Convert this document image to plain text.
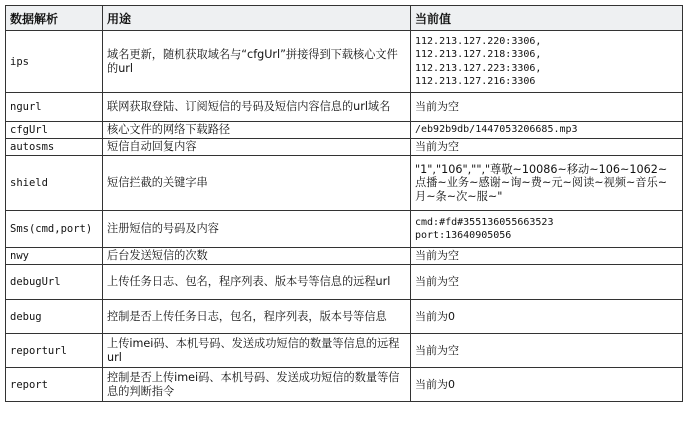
数据解析	用途	当前值
ips	域名更新，随机获取域名与“cfgUrl”拼接得到下载核心文件的url	112.213.127.220:3306,
112.213.127.218:3306,
112.213.127.223:3306,
112.213.127.216:3306

ngurl	联网获取登陆、订阅短信的号码及短信内容信息的url域名	当前为空
cfgUrl	核心文件的网络下载路径	/eb92b9db/1447053206685.mp3
autosms	短信自动回复内容	当前为空
shield	短信拦截的关键字串	"1","106","","尊敬~10086~移动~106~1062~点播~业务~感谢~询~费~元~阅读~视频~音乐~月~条~次~服~"
Sms(cmd,port)	注册短信的号码及内容	cmd:#fd#355136055663523
port:13640905056

nwy	后台发送短信的次数	当前为空
debugUrl	上传任务日志、包名，程序列表、版本号等信息的远程url	当前为空
debug	控制是否上传任务日志，包名，程序列表，版本号等信息	当前为0
reporturl	上传imei码、本机号码、发送成功短信的数量等信息的远程url	当前为空
report	控制是否上传imei码、本机号码、发送成功短信的数量等信息的判断指令	当前为0
